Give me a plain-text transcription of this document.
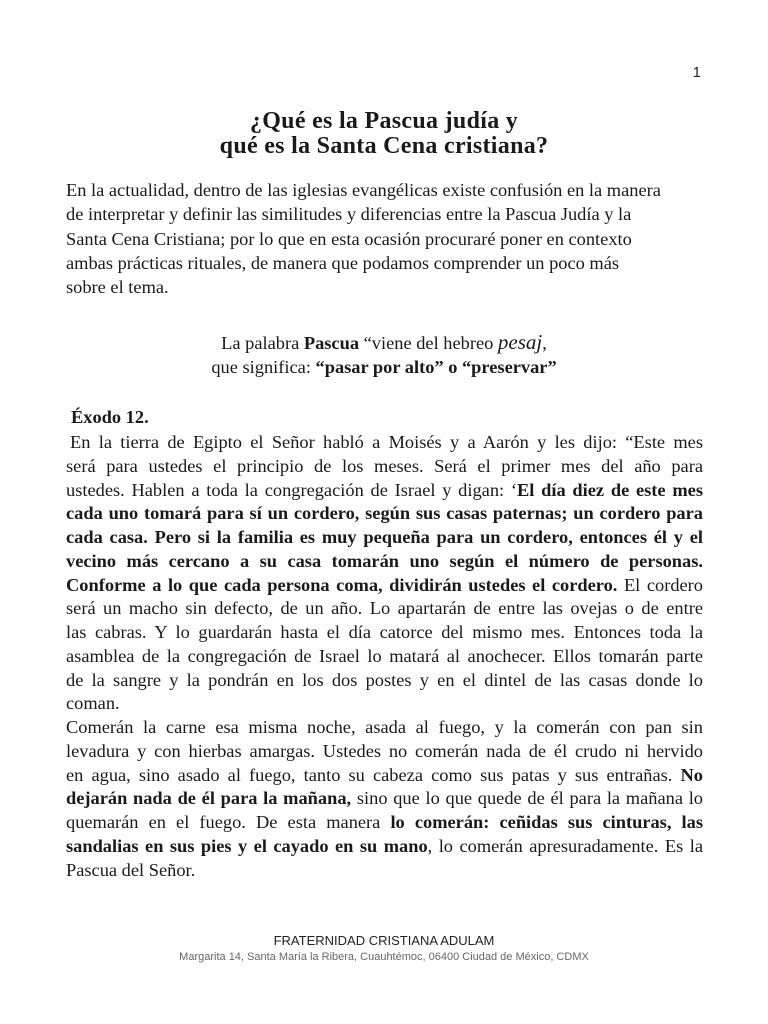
1
¿Qué es la Pascua judía y
qué es la Santa Cena cristiana?
En la actualidad, dentro de las iglesias evangélicas existe confusión en la manera
de interpretar y definir las similitudes y diferencias entre la Pascua Judía y la
Santa Cena Cristiana; por lo que en esta ocasión procuraré poner en contexto
ambas prácticas rituales, de manera que podamos comprender un poco más
sobre el tema.
La palabra Pascua “viene del hebreo pesaj,
que significa: “pasar por alto” o “preservar”
Éxodo 12.
En la tierra de Egipto el Señor habló a Moisés y a Aarón y les dijo: “Este mes
será para ustedes el principio de los meses. Será el primer mes del año para
ustedes. Hablen a toda la congregación de Israel y digan: ‘El día diez de este mes
cada uno tomará para sí un cordero, según sus casas paternas; un cordero para
cada casa. Pero si la familia es muy pequeña para un cordero, entonces él y el
vecino más cercano a su casa tomarán uno según el número de personas.
Conforme a lo que cada persona coma, dividirán ustedes el cordero. El cordero
será un macho sin defecto, de un año. Lo apartarán de entre las ovejas o de entre
las cabras. Y lo guardarán hasta el día catorce del mismo mes. Entonces toda la
asamblea de la congregación de Israel lo matará al anochecer. Ellos tomarán parte
de la sangre y la pondrán en los dos postes y en el dintel de las casas donde lo
coman.
Comerán la carne esa misma noche, asada al fuego, y la comerán con pan sin
levadura y con hierbas amargas. Ustedes no comerán nada de él crudo ni hervido
en agua, sino asado al fuego, tanto su cabeza como sus patas y sus entrañas. No
dejarán nada de él para la mañana, sino que lo que quede de él para la mañana lo
quemarán en el fuego. De esta manera lo comerán: ceñidas sus cinturas, las
sandalias en sus pies y el cayado en su mano, lo comerán apresuradamente. Es la
Pascua del Señor.
FRATERNIDAD CRISTIANA ADULAM
Margarita 14, Santa María la Ribera, Cuauhtémoc, 06400 Ciudad de México, CDMX
